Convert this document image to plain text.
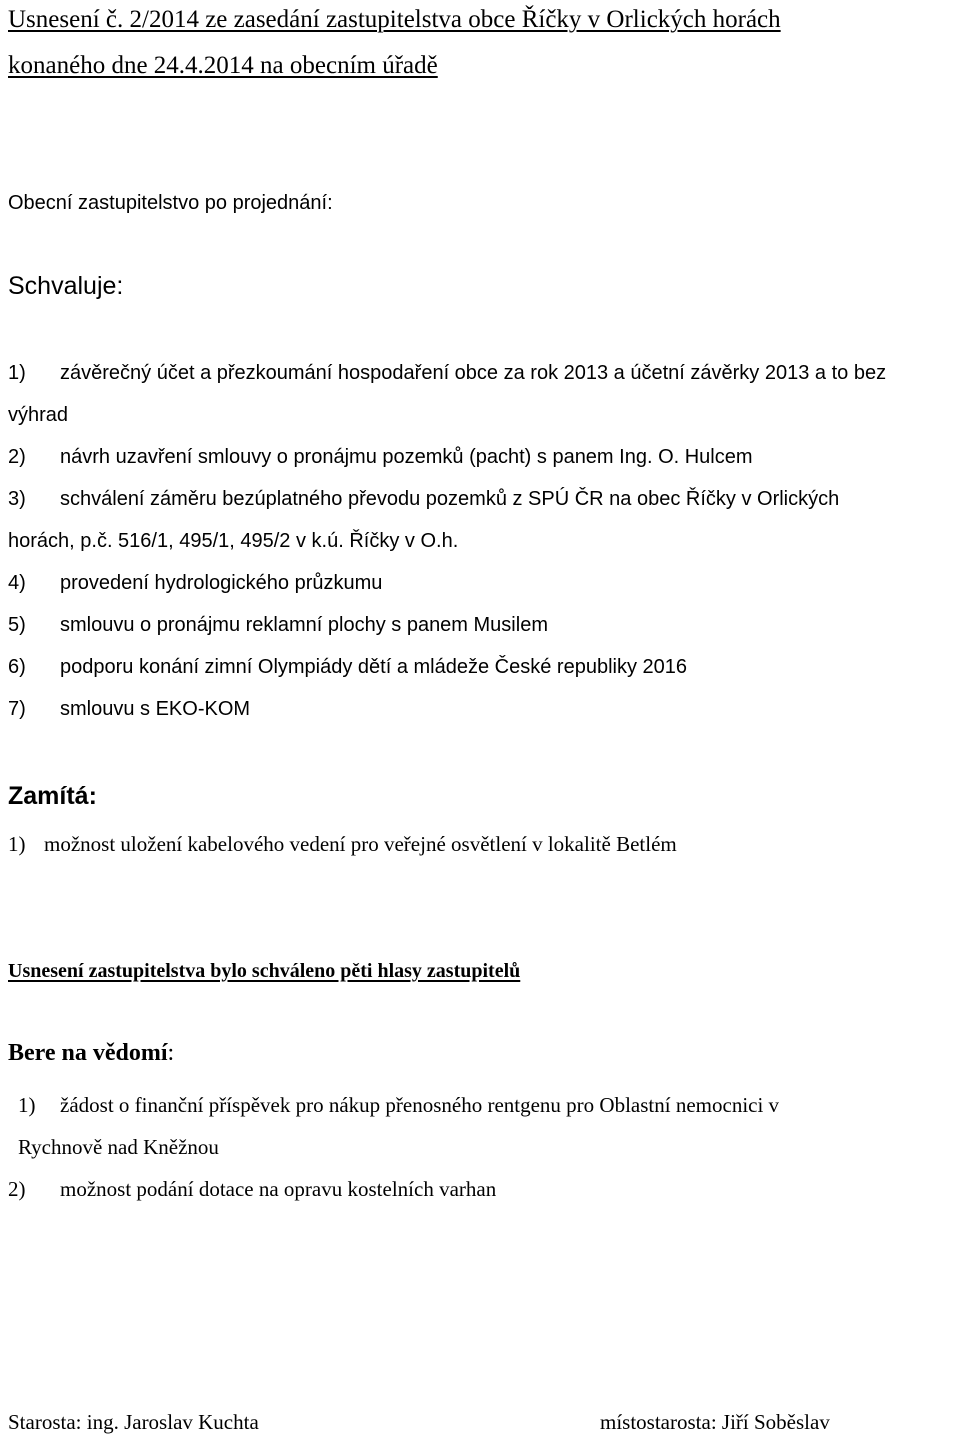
Usnesení č. 2/2014 ze zasedání zastupitelstva obce Říčky v Orlických horách
konaného dne 24.4.2014 na obecním úřadě
Obecní zastupitelstvo po projednání:
Schvaluje:
1) závěrečný účet a přezkoumání hospodaření obce za rok 2013 a účetní závěrky 2013 a to bez
výhrad
2) návrh uzavření smlouvy o pronájmu pozemků (pacht) s panem Ing. O. Hulcem
3) schválení záměru bezúplatného převodu pozemků z SPÚ ČR na obec Říčky v Orlických
horách, p.č. 516/1, 495/1, 495/2 v k.ú. Říčky v O.h.
4) provedení hydrologického průzkumu
5) smlouvu o pronájmu reklamní plochy s panem Musilem
6) podporu konání zimní Olympiády dětí a mládeže České republiky 2016
7) smlouvu s EKO-KOM
Zamítá:
1) možnost uložení kabelového vedení pro veřejné osvětlení v lokalitě Betlém
Usnesení zastupitelstva bylo schváleno pěti hlasy zastupitelů
Bere na vědomí:
1) žádost o finanční příspěvek pro nákup přenosného rentgenu pro Oblastní nemocnici v
Rychnově nad Kněžnou
2) možnost podání dotace na opravu kostelních varhan
Starosta: ing. Jaroslav Kuchta	místostarosta: Jiří Soběslav
